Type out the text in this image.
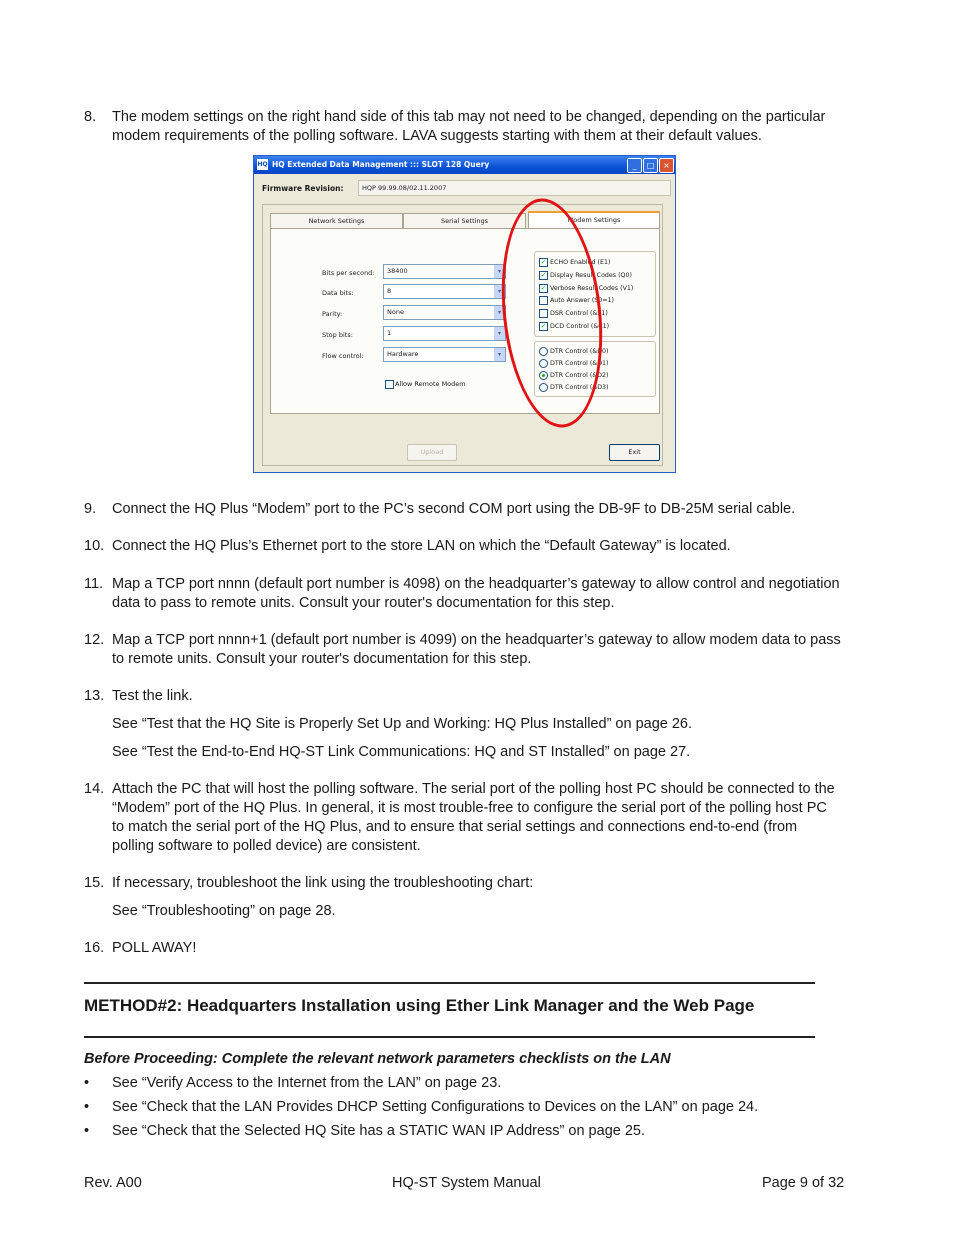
8. The modem settings on the right hand side of this tab may not need to be changed, depending on the particular modem requirements of the polling software. LAVA suggests starting with them at their default values.
HQ HQ Extended Data Management ::: SLOT 128 Query	_	□	×
Firmware Revision:	HQP 99.99.08/02.11.2007
Network Settings	Serial Settings	Modem Settings
Bits per second:	38400	▾
Data bits:	8	▾
Parity:	None	▾
Stop bits:	1	▾
Flow control:	Hardware	▾
Allow Remote Modem
✓ ECHO Enabled (E1)
✓ Display Result Codes (Q0)
✓ Verbose Result Codes (V1)
Auto Answer (S0=1)
DSR Control (&S1)
✓ DCD Control (&C1)
DTR Control (&D0)
DTR Control (&D1)
DTR Control (&D2)
DTR Control (&D3)
Upload	Exit
9. Connect the HQ Plus “Modem” port to the PC’s second COM port using the DB-9F to DB-25M serial cable.
10. Connect the HQ Plus’s Ethernet port to the store LAN on which the “Default Gateway” is located.
11. Map a TCP port nnnn (default port number is 4098) on the headquarter’s gateway to allow control and negotiation data to pass to remote units. Consult your router's documentation for this step.
12. Map a TCP port nnnn+1 (default port number is 4099) on the headquarter’s gateway to allow modem data to pass to remote units. Consult your router's documentation for this step.
13. Test the link.
See “Test that the HQ Site is Properly Set Up and Working: HQ Plus Installed” on page 26.
See “Test the End-to-End HQ-ST Link Communications: HQ and ST Installed” on page 27.
14. Attach the PC that will host the polling software. The serial port of the polling host PC should be connected to the “Modem” port of the HQ Plus. In general, it is most trouble-free to configure the serial port of the polling host PC to match the serial port of the HQ Plus, and to ensure that serial settings and connections end-to-end (from polling software to polled device) are consistent.
15. If necessary, troubleshoot the link using the troubleshooting chart:
See “Troubleshooting” on page 28.
16. POLL AWAY!
METHOD#2: Headquarters Installation using Ether Link Manager and the Web Page
Before Proceeding: Complete the relevant network parameters checklists on the LAN
• See “Verify Access to the Internet from the LAN” on page 23.
• See “Check that the LAN Provides DHCP Setting Configurations to Devices on the LAN” on page 24.
• See “Check that the Selected HQ Site has a STATIC WAN IP Address” on page 25.
Rev. A00	HQ-ST System Manual	Page 9 of 32
